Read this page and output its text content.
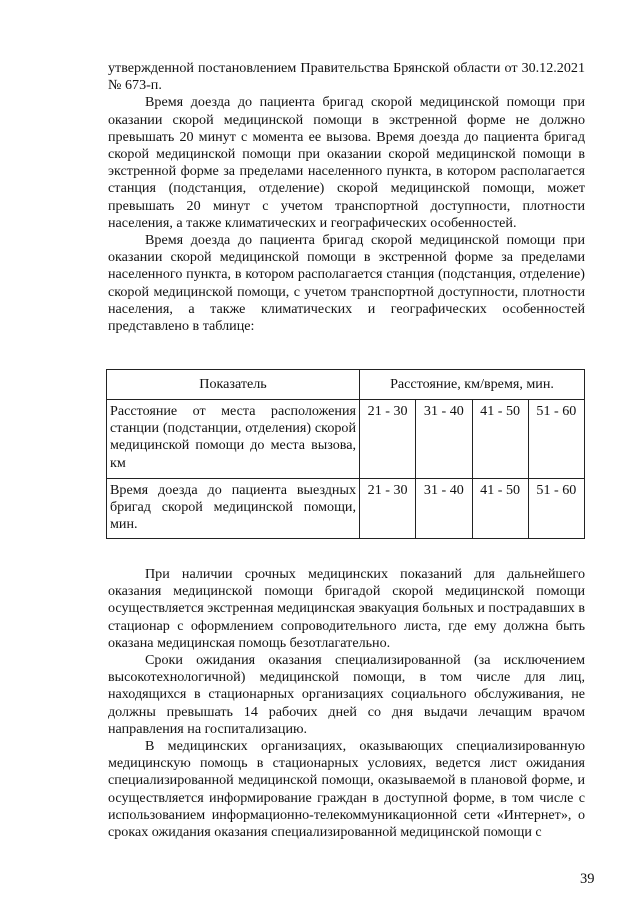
утвержденной постановлением Правительства Брянской области от 30.12.2021 № 673-п.

Время доезда до пациента бригад скорой медицинской помощи при оказании скорой медицинской помощи в экстренной форме не должно превышать 20 минут с момента ее вызова. Время доезда до пациента бригад скорой медицинской помощи при оказании скорой медицинской помощи в экстренной форме за пределами населенного пункта, в котором располагается станция (подстанция, отделение) скорой медицинской помощи, может превышать 20 минут с учетом транспортной доступности, плотности населения, а также климатических и географических особенностей.

Время доезда до пациента бригад скорой медицинской помощи при оказании скорой медицинской помощи в экстренной форме за пределами населенного пункта, в котором располагается станция (подстанция, отделение) скорой медицинской помощи, с учетом транспортной доступности, плотности населения, а также климатических и географических особенностей представлено в таблице:

Показатель	Расстояние, км/время, мин.			
Расстояние от места расположения станции (подстанции, отделения) скорой медицинской помощи до места вызова, км	21 - 30	31 - 40	41 - 50	51 - 60
Время доезда до пациента выездных бригад скорой медицинской помощи, мин.	21 - 30	31 - 40	41 - 50	51 - 60

При наличии срочных медицинских показаний для дальнейшего оказания медицинской помощи бригадой скорой медицинской помощи осуществляется экстренная медицинская эвакуация больных и пострадавших в стационар с оформлением сопроводительного листа, где ему должна быть оказана медицинская помощь безотлагательно.

Сроки ожидания оказания специализированной (за исключением высокотехнологичной) медицинской помощи, в том числе для лиц, находящихся в стационарных организациях социального обслуживания, не должны превышать 14 рабочих дней со дня выдачи лечащим врачом направления на госпитализацию.

В медицинских организациях, оказывающих специализированную медицинскую помощь в стационарных условиях, ведется лист ожидания специализированной медицинской помощи, оказываемой в плановой форме, и осуществляется информирование граждан в доступной форме, в том числе с использованием информационно-телекоммуникационной сети «Интернет», о сроках ожидания оказания специализированной медицинской помощи с

39
